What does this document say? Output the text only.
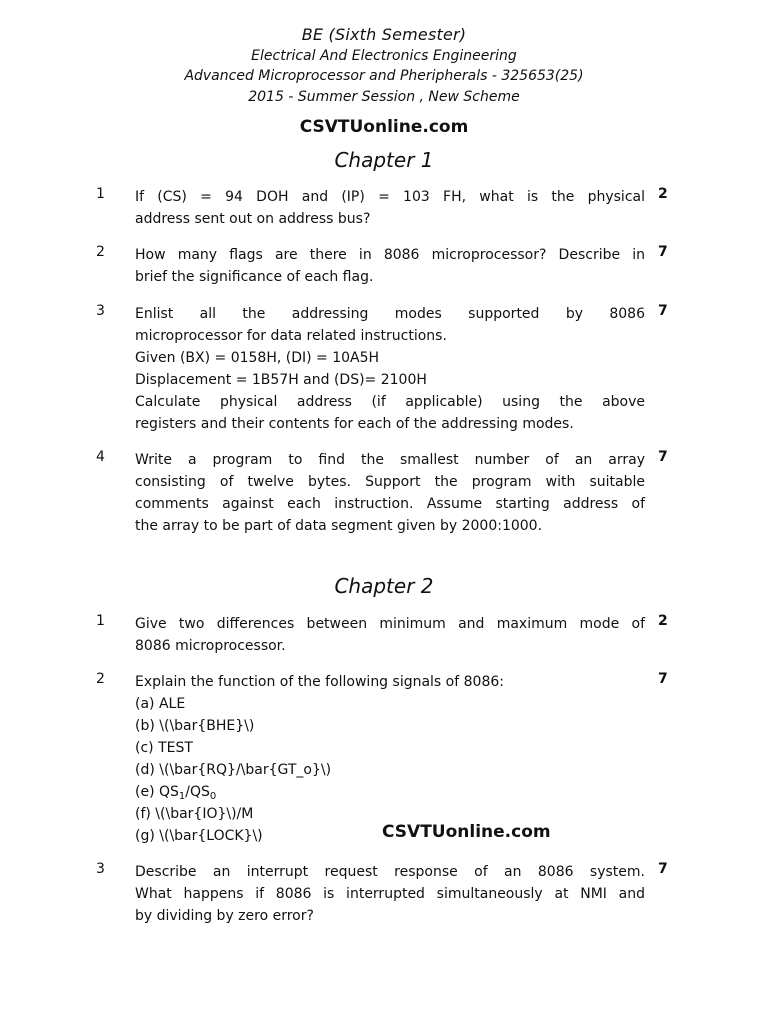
BE (Sixth Semester)
Electrical And Electronics Engineering
Advanced Microprocessor and Pheripherals - 325653(25)
2015 - Summer Session , New Scheme
CSVTUonline.com
Chapter 1
1 If (CS) = 94 DOH and (IP) = 103 FH, what is the physical
address sent out on address bus?
2
2 How many flags are there in 8086 microprocessor? Describe in
brief the significance of each flag.
7
3 Enlist all the addressing modes supported by 8086
microprocessor for data related instructions.
Given (BX) = 0158H, (DI) = 10A5H
Displacement = 1B57H and (DS)= 2100H
Calculate physical address (if applicable) using the above
registers and their contents for each of the addressing modes.
7
4 Write a program to find the smallest number of an array
consisting of twelve bytes. Support the program with suitable
comments against each instruction. Assume starting address of
the array to be part of data segment given by 2000:1000.
7
Chapter 2
1 Give two differences between minimum and maximum mode of
8086 microprocessor.
2
2 Explain the function of the following signals of 8086:
(a) ALE
(b) \(\bar{BHE}\)
(c) TEST
(d) \(\bar{RQ}/\bar{GT_o}\)
(e) $QS_1/QS_0$
(f) \(\bar{IO}\)/M
(g) \(\bar{LOCK}\)
7
CSVTUonline.com
3 Describe an interrupt request response of an 8086 system.
What happens if 8086 is interrupted simultaneously at NMI and
by dividing by zero error?
7
